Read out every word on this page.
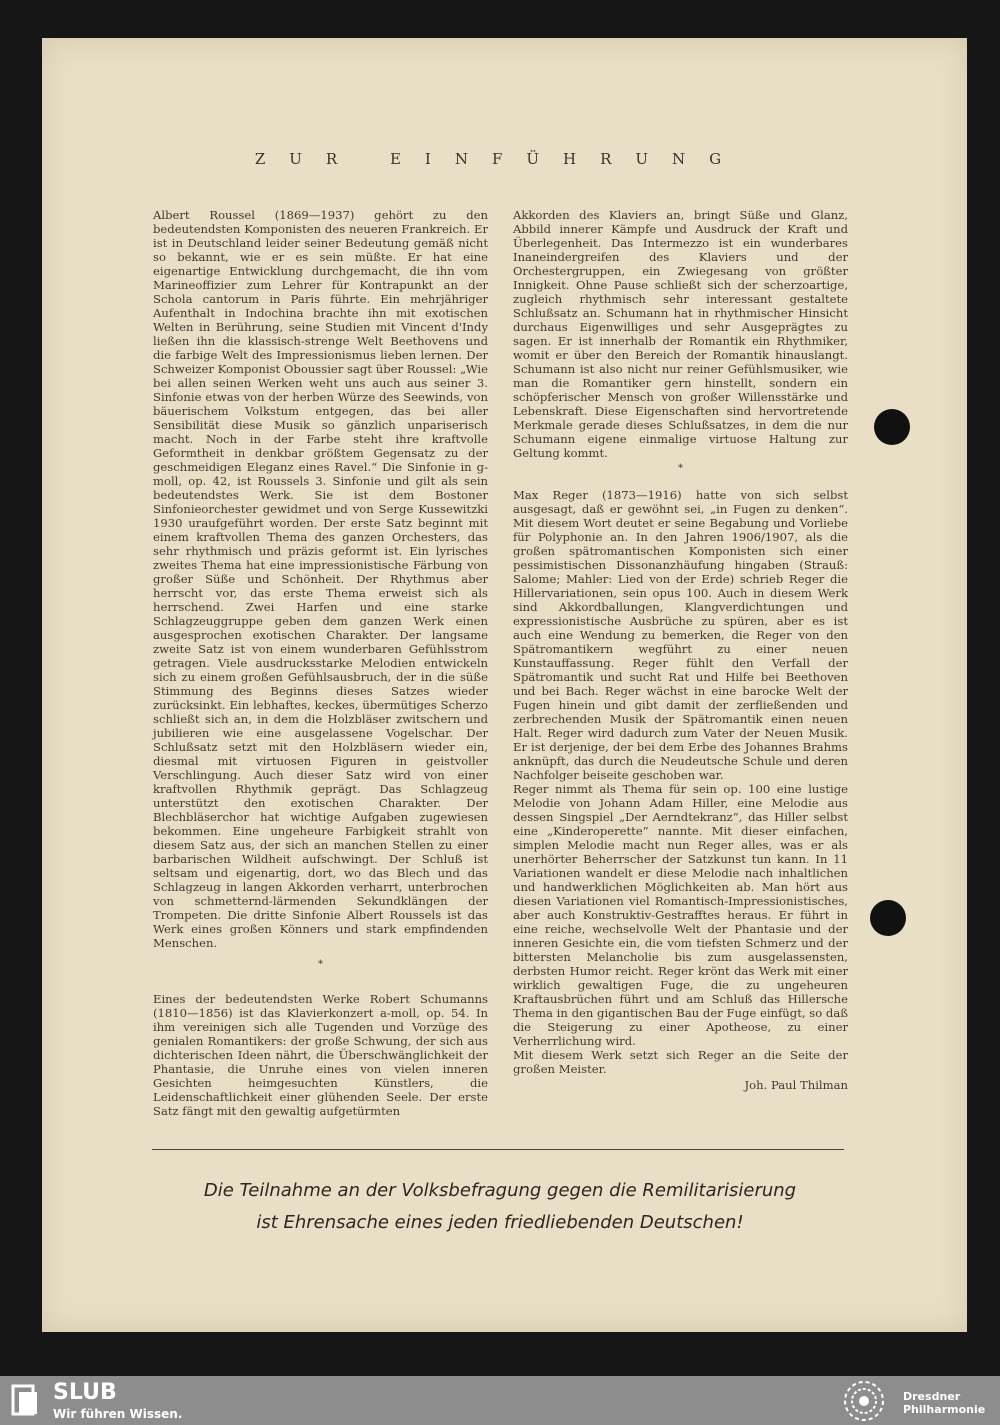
ZUR EINFÜHRUNG

Albert Roussel (1869—1937) gehört zu den bedeutendsten Komponisten des neueren Frankreich. Er ist in Deutschland leider seiner Bedeutung gemäß nicht so bekannt, wie er es sein müßte. Er hat eine eigenartige Entwicklung durchgemacht, die ihn vom Marineoffizier zum Lehrer für Kontrapunkt an der Schola cantorum in Paris führte. Ein mehrjähriger Aufenthalt in Indochina brachte ihn mit exotischen Welten in Berührung, seine Studien mit Vincent d'Indy ließen ihn die klassisch-strenge Welt Beethovens und die farbige Welt des Impressionismus lieben lernen. Der Schweizer Komponist Oboussier sagt über Roussel: „Wie bei allen seinen Werken weht uns auch aus seiner 3. Sinfonie etwas von der herben Würze des Seewinds, von bäuerischem Volkstum entgegen, das bei aller Sensibilität diese Musik so gänzlich unpariserisch macht. Noch in der Farbe steht ihre kraftvolle Geformtheit in denkbar größtem Gegensatz zu der geschmeidigen Eleganz eines Ravel.“ Die Sinfonie in g-moll, op. 42, ist Roussels 3. Sinfonie und gilt als sein bedeutendstes Werk. Sie ist dem Bostoner Sinfonieorchester gewidmet und von Serge Kussewitzki 1930 uraufgeführt worden. Der erste Satz beginnt mit einem kraftvollen Thema des ganzen Orchesters, das sehr rhythmisch und präzis geformt ist. Ein lyrisches zweites Thema hat eine impressionistische Färbung von großer Süße und Schönheit. Der Rhythmus aber herrscht vor, das erste Thema erweist sich als herrschend. Zwei Harfen und eine starke Schlagzeuggruppe geben dem ganzen Werk einen ausgesprochen exotischen Charakter. Der langsame zweite Satz ist von einem wunderbaren Gefühlsstrom getragen. Viele ausdrucksstarke Melodien entwickeln sich zu einem großen Gefühlsausbruch, der in die süße Stimmung des Beginns dieses Satzes wieder zurücksinkt. Ein lebhaftes, keckes, übermütiges Scherzo schließt sich an, in dem die Holzbläser zwitschern und jubilieren wie eine ausgelassene Vogelschar. Der Schlußsatz setzt mit den Holzbläsern wieder ein, diesmal mit virtuosen Figuren in geistvoller Verschlingung. Auch dieser Satz wird von einer kraftvollen Rhythmik geprägt. Das Schlagzeug unterstützt den exotischen Charakter. Der Blechbläserchor hat wichtige Aufgaben zugewiesen bekommen. Eine ungeheure Farbigkeit strahlt von diesem Satz aus, der sich an manchen Stellen zu einer barbarischen Wildheit aufschwingt. Der Schluß ist seltsam und eigenartig, dort, wo das Blech und das Schlagzeug in langen Akkorden verharrt, unterbrochen von schmetternd-lärmenden Sekundklängen der Trompeten. Die dritte Sinfonie Albert Roussels ist das Werk eines großen Könners und stark empfindenden Menschen.

*

Eines der bedeutendsten Werke Robert Schumanns (1810—1856) ist das Klavierkonzert a-moll, op. 54. In ihm vereinigen sich alle Tugenden und Vorzüge des genialen Romantikers: der große Schwung, der sich aus dichterischen Ideen nährt, die Überschwänglichkeit der Phantasie, die Unruhe eines von vielen inneren Gesichten heimgesuchten Künstlers, die Leidenschaftlichkeit einer glühenden Seele. Der erste Satz fängt mit den gewaltig aufgetürmten

Akkorden des Klaviers an, bringt Süße und Glanz, Abbild innerer Kämpfe und Ausdruck der Kraft und Überlegenheit. Das Intermezzo ist ein wunderbares Inaneindergreifen des Klaviers und der Orchestergruppen, ein Zwiegesang von größter Innigkeit. Ohne Pause schließt sich der scherzoartige, zugleich rhythmisch sehr interessant gestaltete Schlußsatz an. Schumann hat in rhythmischer Hinsicht durchaus Eigenwilliges und sehr Ausgeprägtes zu sagen. Er ist innerhalb der Romantik ein Rhythmiker, womit er über den Bereich der Romantik hinauslangt. Schumann ist also nicht nur reiner Gefühlsmusiker, wie man die Romantiker gern hinstellt, sondern ein schöpferischer Mensch von großer Willensstärke und Lebenskraft. Diese Eigenschaften sind hervortretende Merkmale gerade dieses Schlußsatzes, in dem die nur Schumann eigene einmalige virtuose Haltung zur Geltung kommt.

*

Max Reger (1873—1916) hatte von sich selbst ausgesagt, daß er gewöhnt sei, „in Fugen zu denken“. Mit diesem Wort deutet er seine Begabung und Vorliebe für Polyphonie an. In den Jahren 1906/1907, als die großen spätromantischen Komponisten sich einer pessimistischen Dissonanzhäufung hingaben (Strauß: Salome; Mahler: Lied von der Erde) schrieb Reger die Hillervariationen, sein opus 100. Auch in diesem Werk sind Akkordballungen, Klangverdichtungen und expressionistische Ausbrüche zu spüren, aber es ist auch eine Wendung zu bemerken, die Reger von den Spätromantikern wegführt zu einer neuen Kunstauffassung. Reger fühlt den Verfall der Spätromantik und sucht Rat und Hilfe bei Beethoven und bei Bach. Reger wächst in eine barocke Welt der Fugen hinein und gibt damit der zerfließenden und zerbrechenden Musik der Spätromantik einen neuen Halt. Reger wird dadurch zum Vater der Neuen Musik. Er ist derjenige, der bei dem Erbe des Johannes Brahms anknüpft, das durch die Neudeutsche Schule und deren Nachfolger beiseite geschoben war.

Reger nimmt als Thema für sein op. 100 eine lustige Melodie von Johann Adam Hiller, eine Melodie aus dessen Singspiel „Der Aerndtekranz“, das Hiller selbst eine „Kinderoperette“ nannte. Mit dieser einfachen, simplen Melodie macht nun Reger alles, was er als unerhörter Beherrscher der Satzkunst tun kann. In 11 Variationen wandelt er diese Melodie nach inhaltlichen und handwerklichen Möglichkeiten ab. Man hört aus diesen Variationen viel Romantisch-Impressionistisches, aber auch Konstruktiv-Gestrafftes heraus. Er führt in eine reiche, wechselvolle Welt der Phantasie und der inneren Gesichte ein, die vom tiefsten Schmerz und der bittersten Melancholie bis zum ausgelassensten, derbsten Humor reicht. Reger krönt das Werk mit einer wirklich gewaltigen Fuge, die zu ungeheuren Kraftausbrüchen führt und am Schluß das Hillersche Thema in den gigantischen Bau der Fuge einfügt, so daß die Steigerung zu einer Apotheose, zu einer Verherrlichung wird.

Mit diesem Werk setzt sich Reger an die Seite der großen Meister.

Joh. Paul Thilman
Die Teilnahme an der Volksbefragung gegen die Remilitarisierung
ist Ehrensache eines jeden friedliebenden Deutschen!
SLUB
Wir führen Wissen.
Dresdner
Philharmonie
